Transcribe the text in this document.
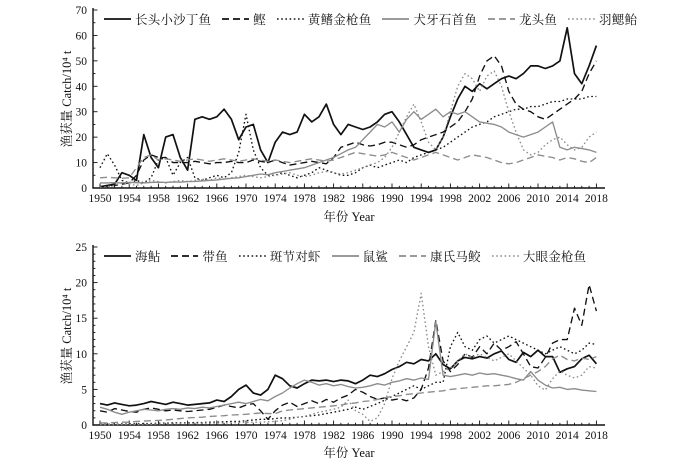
1950 1954 1958 1962 1966 1970 1974 1978 1982 1986 1990 1994 1998 2002 2006 2010 2014 2018
0
10
20
30
40
50
60
70
1950 1954 1958 1962 1966 1970 1974 1978 1982 1986 1990 1994 1998 2002 2006 2010 2014 2018
0
5
10
15
20
25
长头小沙丁鱼	鲣	黄鳍金枪鱼	犬牙石首鱼	龙头鱼	羽鳃鲐
海鲇	带鱼	斑节对虾	鼠鲨	康氏马鲛	大眼金枪鱼
渔获量 Catch/10⁴ t
年份 Year
渔获量 Catch/10⁴ t
年份 Year
